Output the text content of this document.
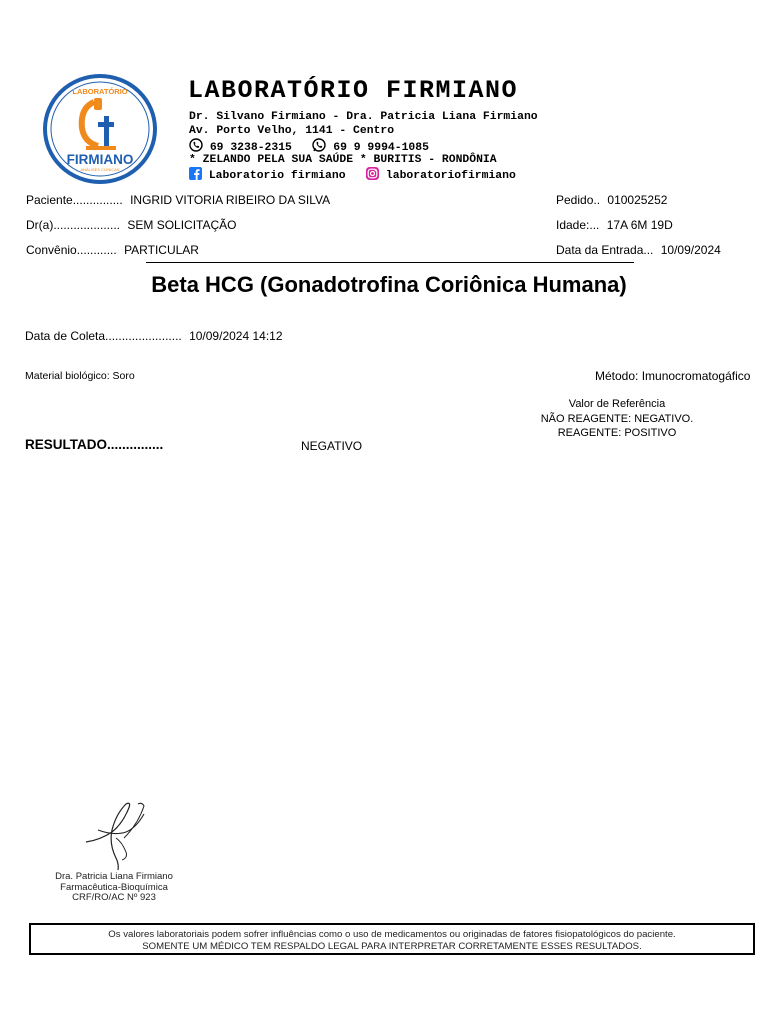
LABORATÓRIO
FIRMIANO
ANÁLISES CLÍNICAS
LABORATÓRIO FIRMIANO
Dr. Silvano Firmiano - Dra. Patricia Liana Firmiano
Av. Porto Velho, 1141 - Centro
69 3238-2315	69 9 9994-1085
* ZELANDO PELA SUA SAÚDE * BURITIS - RONDÔNIA
Laboratorio firmiano	laboratoriofirmiano
Paciente............... INGRID VITORIA RIBEIRO DA SILVA
Dr(a).................... SEM SOLICITAÇÃO
Convênio............ PARTICULAR
Pedido.. 010025252
Idade:... 17A 6M 19D
Data da Entrada... 10/09/2024
Beta HCG (Gonadotrofina Coriônica Humana)
Data de Coleta....................... 10/09/2024 14:12
Material biológico: Soro	Método: Imunocromatogáfico
Valor de Referência
NÃO REAGENTE: NEGATIVO.
REAGENTE: POSITIVO
RESULTADO...............	NEGATIVO
Dra. Patricia Liana Firmiano
Farmacêutica-Bioquímica
CRF/RO/AC Nº 923
Os valores laboratoriais podem sofrer influências como o uso de medicamentos ou originadas de fatores fisiopatológicos do paciente.
SOMENTE UM MÉDICO TEM RESPALDO LEGAL PARA INTERPRETAR CORRETAMENTE ESSES RESULTADOS.
